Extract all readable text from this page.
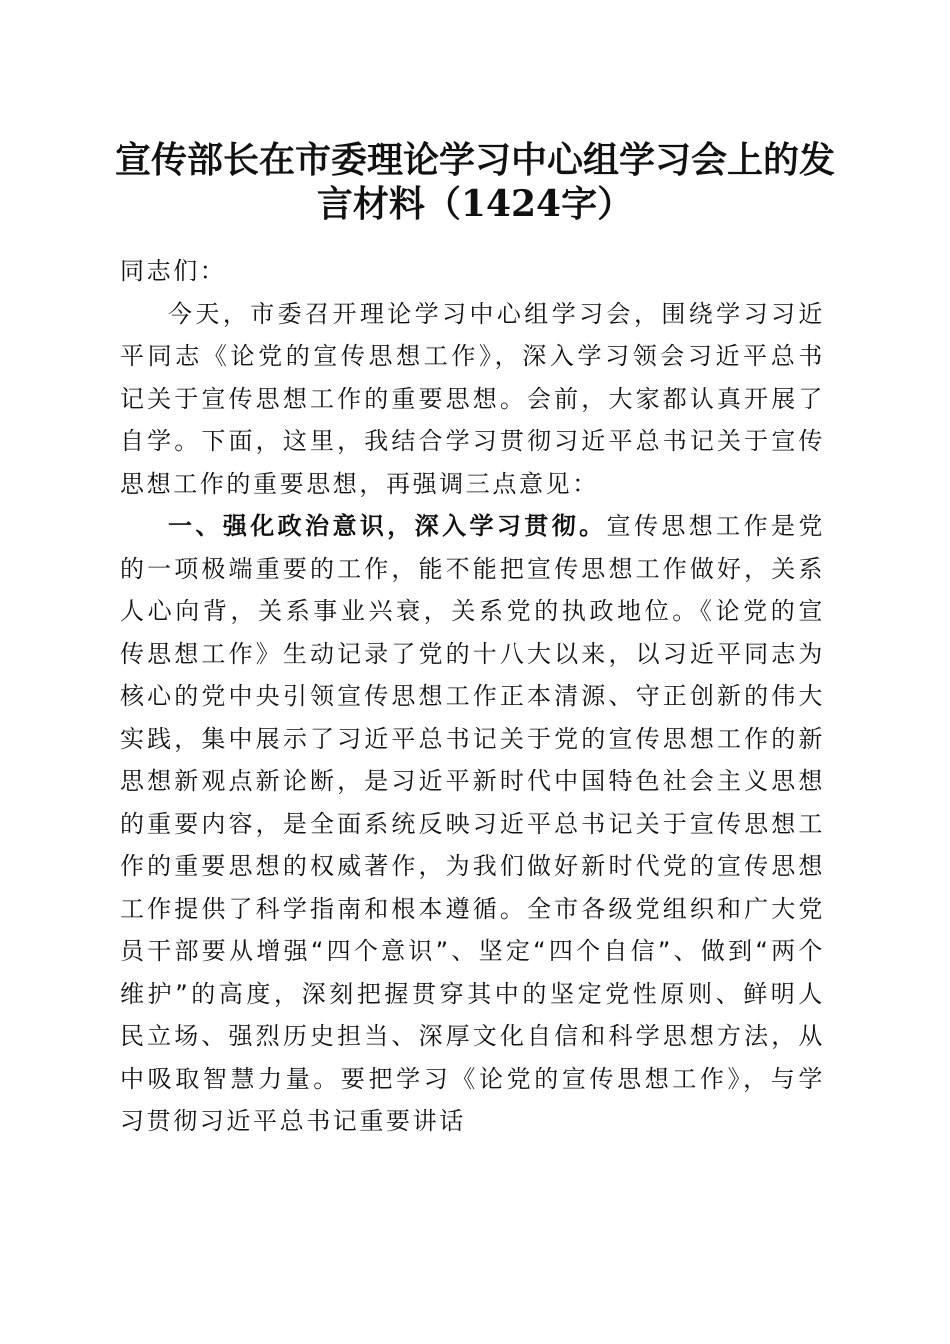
宣传部长在市委理论学习中心组学习会上的发
言材料（1424字）

同志们：

今天，市委召开理论学习中心组学习会，围绕学习习近平同志《论党的宣传思想工作》，深入学习领会习近平总书记关于宣传思想工作的重要思想。会前，大家都认真开展了自学。下面，这里，我结合学习贯彻习近平总书记关于宣传思想工作的重要思想，再强调三点意见：

一、强化政治意识，深入学习贯彻。宣传思想工作是党的一项极端重要的工作，能不能把宣传思想工作做好，关系人心向背，关系事业兴衰，关系党的执政地位。《论党的宣传思想工作》生动记录了党的十八大以来，以习近平同志为核心的党中央引领宣传思想工作正本清源、守正创新的伟大实践，集中展示了习近平总书记关于党的宣传思想工作的新思想新观点新论断，是习近平新时代中国特色社会主义思想的重要内容，是全面系统反映习近平总书记关于宣传思想工作的重要思想的权威著作，为我们做好新时代党的宣传思想工作提供了科学指南和根本遵循。全市各级党组织和广大党员干部要从增强“四个意识”、坚定“四个自信”、做到“两个维护”的高度，深刻把握贯穿其中的坚定党性原则、鲜明人民立场、强烈历史担当、深厚文化自信和科学思想方法，从中吸取智慧力量。要把学习《论党的宣传思想工作》，与学习贯彻习近平总书记重要讲话
